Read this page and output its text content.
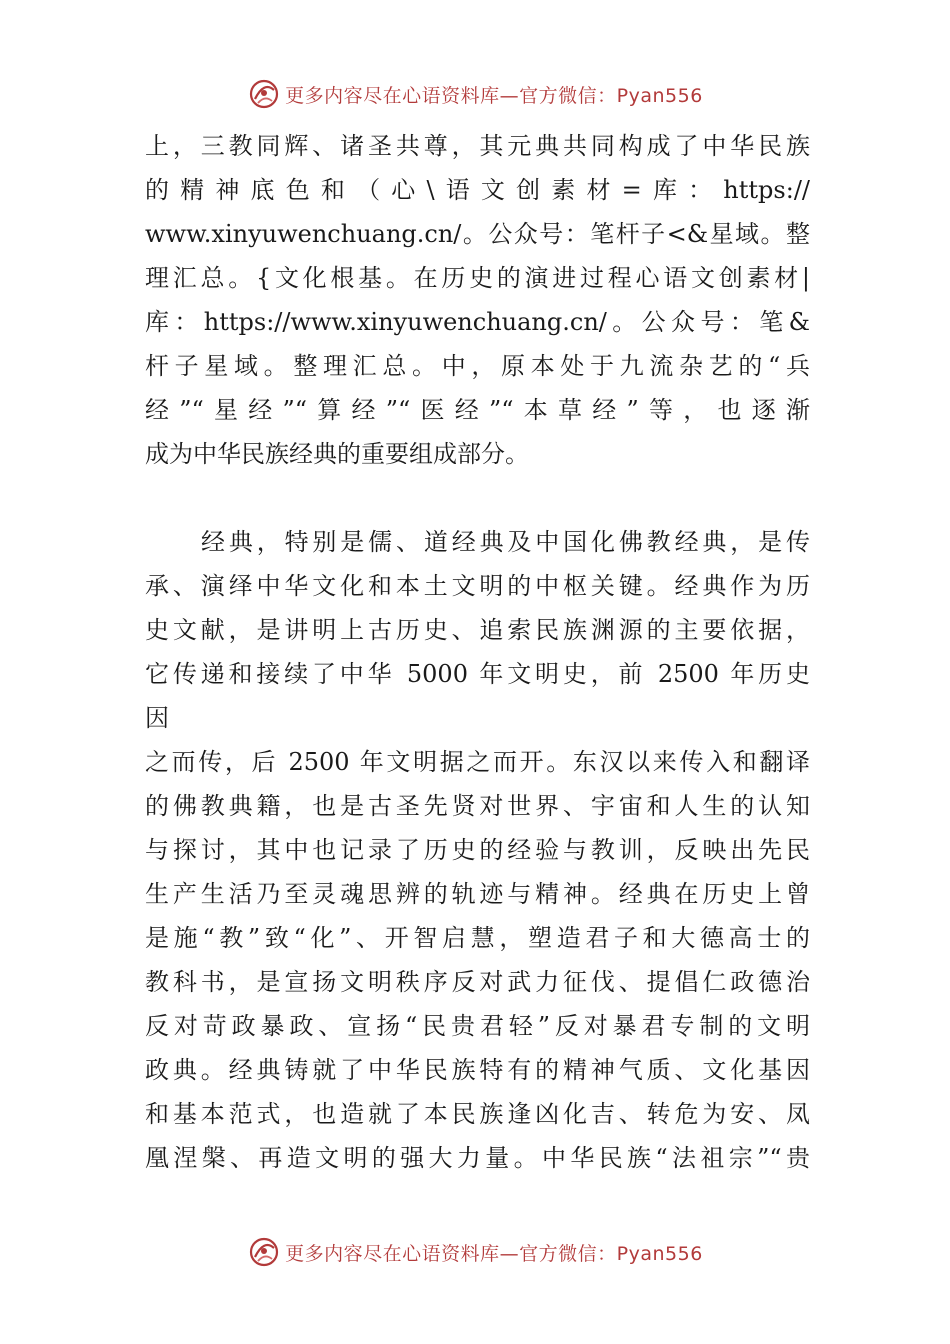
更多内容尽在心语资料库—官方微信：Pyan556
上，三教同辉、诸圣共尊，其元典共同构成了中华民族
的精神底色和（心\语文创素材=库：https://
www.xinyuwenchuang.cn/。公众号：笔杆子<&星域。整
理汇总。{文化根基。在历史的演进过程心语文创素材|
库：https://www.xinyuwenchuang.cn/。公众号：笔&
杆子星域。整理汇总。中，原本处于九流杂艺的“兵
经”“星经”“算经”“医经”“本草经”等，也逐渐
成为中华民族经典的重要组成部分。
经典，特别是儒、道经典及中国化佛教经典，是传
承、演绎中华文化和本土文明的中枢关键。经典作为历
史文献，是讲明上古历史、追索民族渊源的主要依据，
它传递和接续了中华 5000 年文明史，前 2500 年历史
因
之而传，后 2500 年文明据之而开。东汉以来传入和翻译
的佛教典籍，也是古圣先贤对世界、宇宙和人生的认知
与探讨，其中也记录了历史的经验与教训，反映出先民
生产生活乃至灵魂思辨的轨迹与精神。经典在历史上曾
是施“教”致“化”、开智启慧，塑造君子和大德高士的
教科书，是宣扬文明秩序反对武力征伐、提倡仁政德治
反对苛政暴政、宣扬“民贵君轻”反对暴君专制的文明
政典。经典铸就了中华民族特有的精神气质、文化基因
和基本范式，也造就了本民族逢凶化吉、转危为安、凤
凰涅槃、再造文明的强大力量。中华民族“法祖宗”“贵
更多内容尽在心语资料库—官方微信：Pyan556
